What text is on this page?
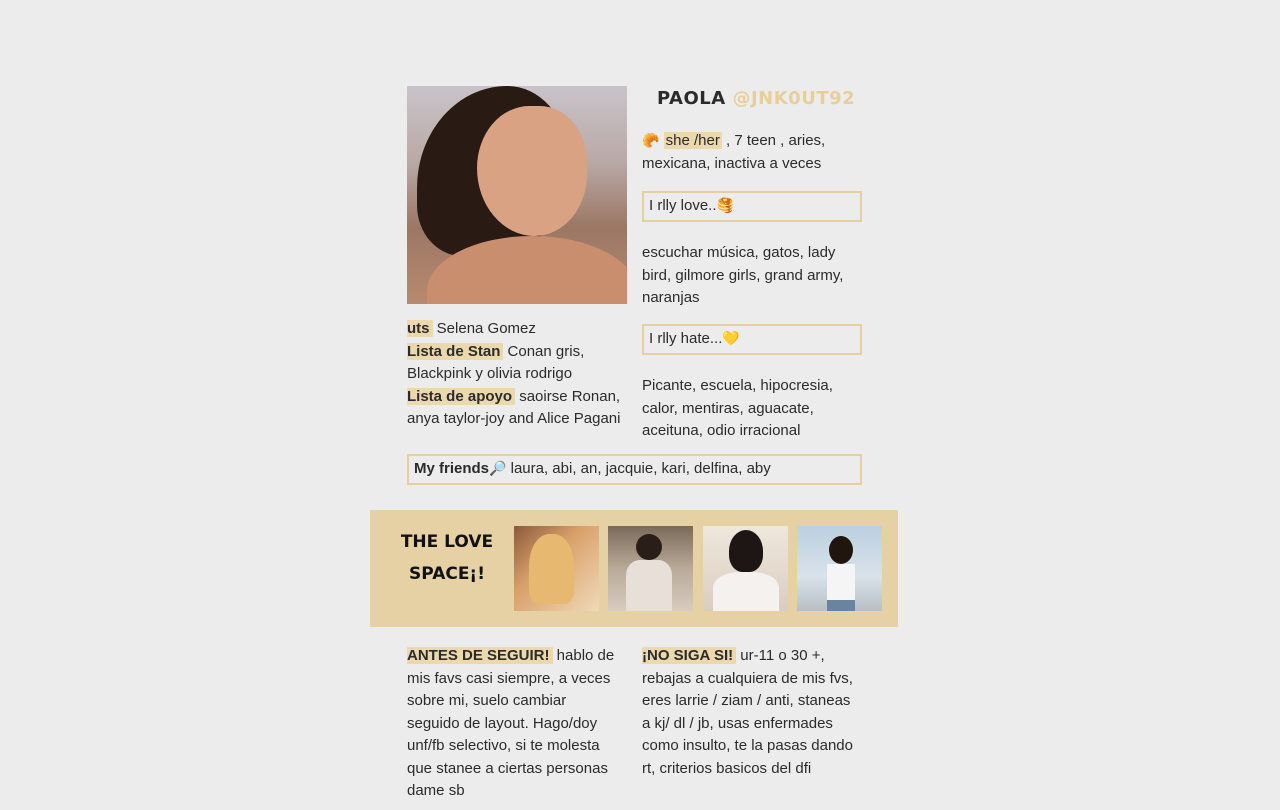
PAOLA @JNK0UT92
🥐 she /her , 7 teen , aries,
mexicana, inactiva a veces
I rlly love..🥞
escuchar música, gatos, lady
bird, gilmore girls, grand army,
naranjas
I rlly hate...💛
Picante, escuela, hipocresia,
calor, mentiras, aguacate,
aceituna, odio irracional
uts Selena Gomez
Lista de Stan Conan gris,
Blackpink y olivia rodrigo
Lista de apoyo saoirse Ronan,
anya taylor-joy and Alice Pagani
My friends🔎 laura, abi, an, jacquie, kari, delfina, aby
THE LOVE
SPACE¡!
ANTES DE SEGUIR! hablo de
mis favs casi siempre, a veces
sobre mi, suelo cambiar
seguido de layout. Hago/doy
unf/fb selectivo, si te molesta
que stanee a ciertas personas
dame sb
¡NO SIGA SI! ur-11 o 30 +,
rebajas a cualquiera de mis fvs,
eres larrie / ziam / anti, staneas
a kj/ dl / jb, usas enfermades
como insulto, te la pasas dando
rt, criterios basicos del dfi
